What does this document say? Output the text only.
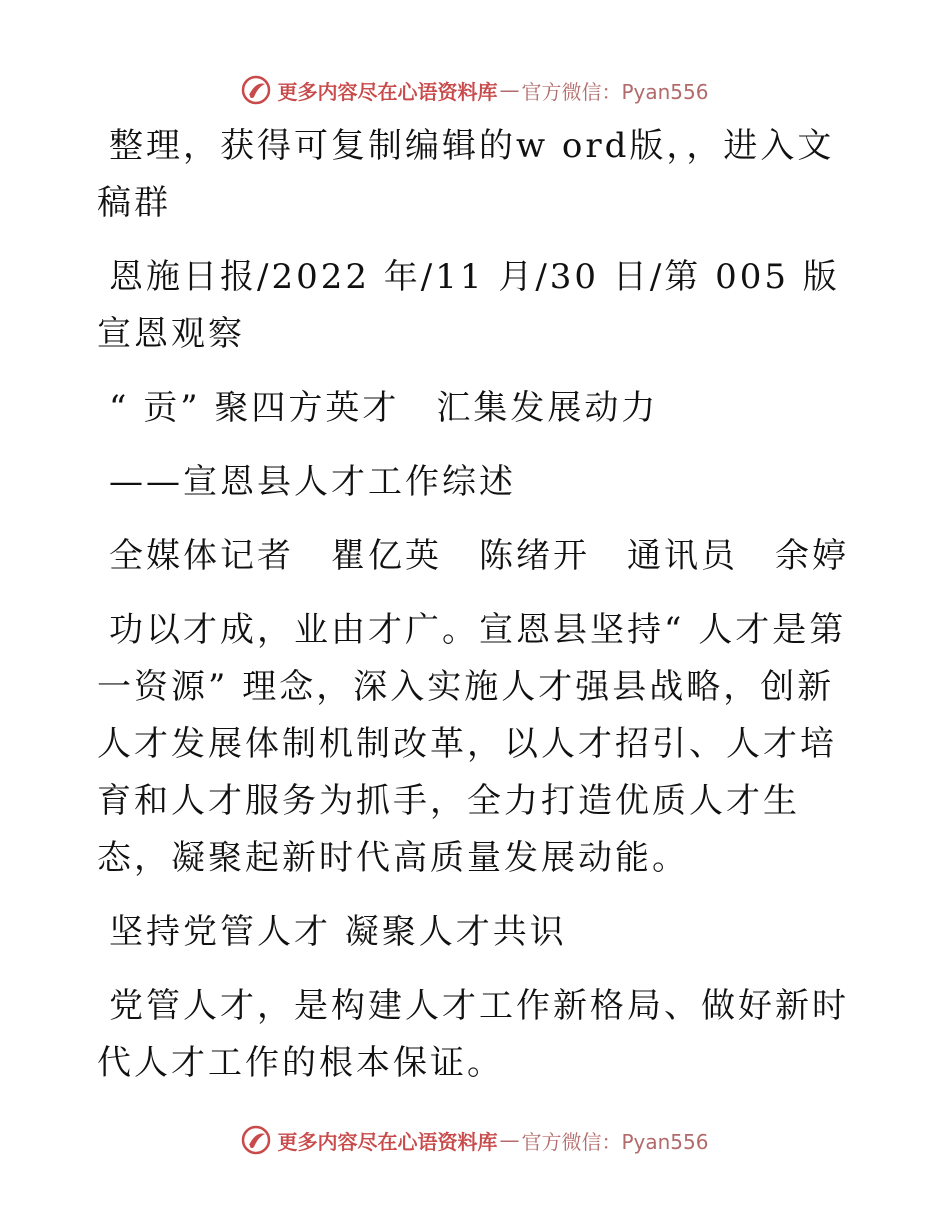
更多内容尽在心语资料库 — 官方微信：Pyan556

整理，获得可复制编辑的w ord版，，进入文稿群

恩施日报/2022 年/11 月/30 日/第 005 版宣恩观察

“ 贡” 聚四方英才　汇集发展动力

——宣恩县人才工作综述

全媒体记者　瞿亿英　陈绪开　通讯员　余婷

功以才成，业由才广。宣恩县坚持“ 人才是第一资源” 理念，深入实施人才强县战略，创新人才发展体制机制改革，以人才招引、人才培育和人才服务为抓手，全力打造优质人才生态，凝聚起新时代高质量发展动能。

坚持党管人才 凝聚人才共识

党管人才，是构建人才工作新格局、做好新时代人才工作的根本保证。

更多内容尽在心语资料库 — 官方微信：Pyan556
